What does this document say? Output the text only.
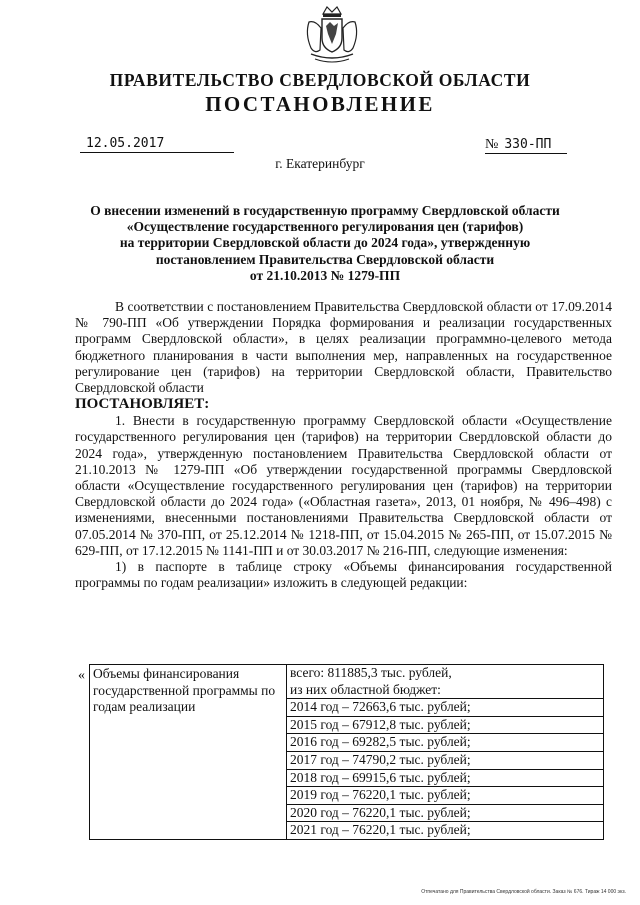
ПРАВИТЕЛЬСТВО СВЕРДЛОВСКОЙ ОБЛАСТИ
ПОСТАНОВЛЕНИЕ
12.05.2017	№ 330-ПП
г. Екатеринбург
О внесении изменений в государственную программу Свердловской области
«Осуществление государственного регулирования цен (тарифов)
на территории Свердловской области до 2024 года», утвержденную
постановлением Правительства Свердловской области
от 21.10.2013 № 1279-ПП

В соответствии с постановлением Правительства Свердловской области от 17.09.2014 № 790-ПП «Об утверждении Порядка формирования и реализации государственных программ Свердловской области», в целях реализации программно-целевого метода бюджетного планирования в части выполнения мер, направленных на государственное регулирование цен (тарифов) на территории Свердловской области, Правительство Свердловской области

ПОСТАНОВЛЯЕТ:

1. Внести в государственную программу Свердловской области «Осуществление государственного регулирования цен (тарифов) на территории Свердловской области до 2024 года», утвержденную постановлением Правительства Свердловской области от 21.10.2013 № 1279-ПП «Об утверждении государственной программы Свердловской области «Осуществление государственного регулирования цен (тарифов) на территории Свердловской области до 2024 года» («Областная газета», 2013, 01 ноября, № 496–498) с изменениями, внесенными постановлениями Правительства Свердловской области от 07.05.2014 № 370-ПП, от 25.12.2014 № 1218-ПП, от 15.04.2015 № 265-ПП, от 15.07.2015 № 629-ПП, от 17.12.2015 № 1141-ПП и от 30.03.2017 № 216-ПП, следующие изменения:

1) в паспорте в таблице строку «Объемы финансирования государственной программы по годам реализации» изложить в следующей редакции:

« Объемы финансирования государственной программы по годам реализации	
всего: 811885,3 тыс. рублей,
из них областной бюджет:
2014 год – 72663,6 тыс. рублей;
2015 год – 67912,8 тыс. рублей;
2016 год – 69282,5 тыс. рублей;
2017 год – 74790,2 тыс. рублей;
2018 год – 69915,6 тыс. рублей;
2019 год – 76220,1 тыс. рублей;
2020 год – 76220,1 тыс. рублей;
2021 год – 76220,1 тыс. рублей;
Отпечатано для Правительства Свердловской области. Заказ № 676. Тираж 14 000 экз.
